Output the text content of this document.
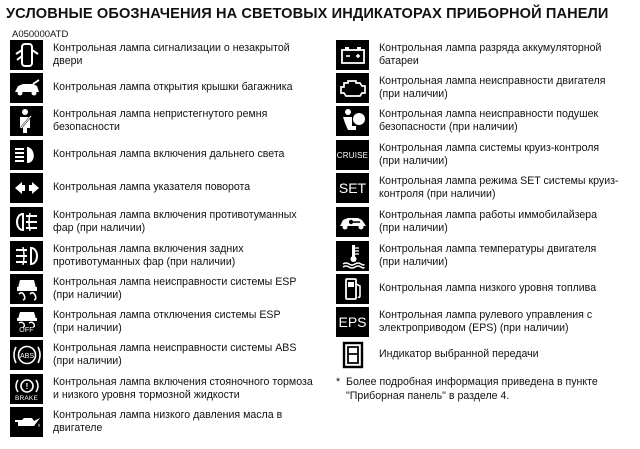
УСЛОВНЫЕ ОБОЗНАЧЕНИЯ НА СВЕТОВЫХ ИНДИКАТОРАХ ПРИБОРНОЙ ПАНЕЛИ
A050000ATD
Контрольная лампа сигнализации о незакрытой
двери
Контрольная лампа открытия крышки багажника
Контрольная лампа непристегнутого ремня
безопасности
Контрольная лампа включения дальнего света
Контрольная лампа указателя поворота
Контрольная лампа включения противотуманных
фар (при наличии)
Контрольная лампа включения задних
противотуманных фар (при наличии)
Контрольная лампа неисправности системы ESP
(при наличии)
OFF
Контрольная лампа отключения системы ESP
(при наличии)
ABS
Контрольная лампа неисправности системы ABS
(при наличии)
!
BRAKE
Контрольная лампа включения стояночного тормоза
и низкого уровня тормозной жидкости
Контрольная лампа низкого давления масла в
двигателе
Контрольная лампа разряда аккумуляторной
батареи
Контрольная лампа неисправности двигателя
(при наличии)
Контрольная лампа неисправности подушек
безопасности (при наличии)
CRUISE
Контрольная лампа системы круиз-контроля
(при наличии)
SET Контрольная лампа режима SET системы круиз-
контроля (при наличии)
Контрольная лампа работы иммобилайзера
(при наличии)
Контрольная лампа температуры двигателя
(при наличии)
Контрольная лампа низкого уровня топлива
EPS Контрольная лампа рулевого управления с
электроприводом (EPS) (при наличии)
Индикатор выбранной передачи
* Более подробная информация приведена в пункте
"Приборная панель" в разделе 4.
